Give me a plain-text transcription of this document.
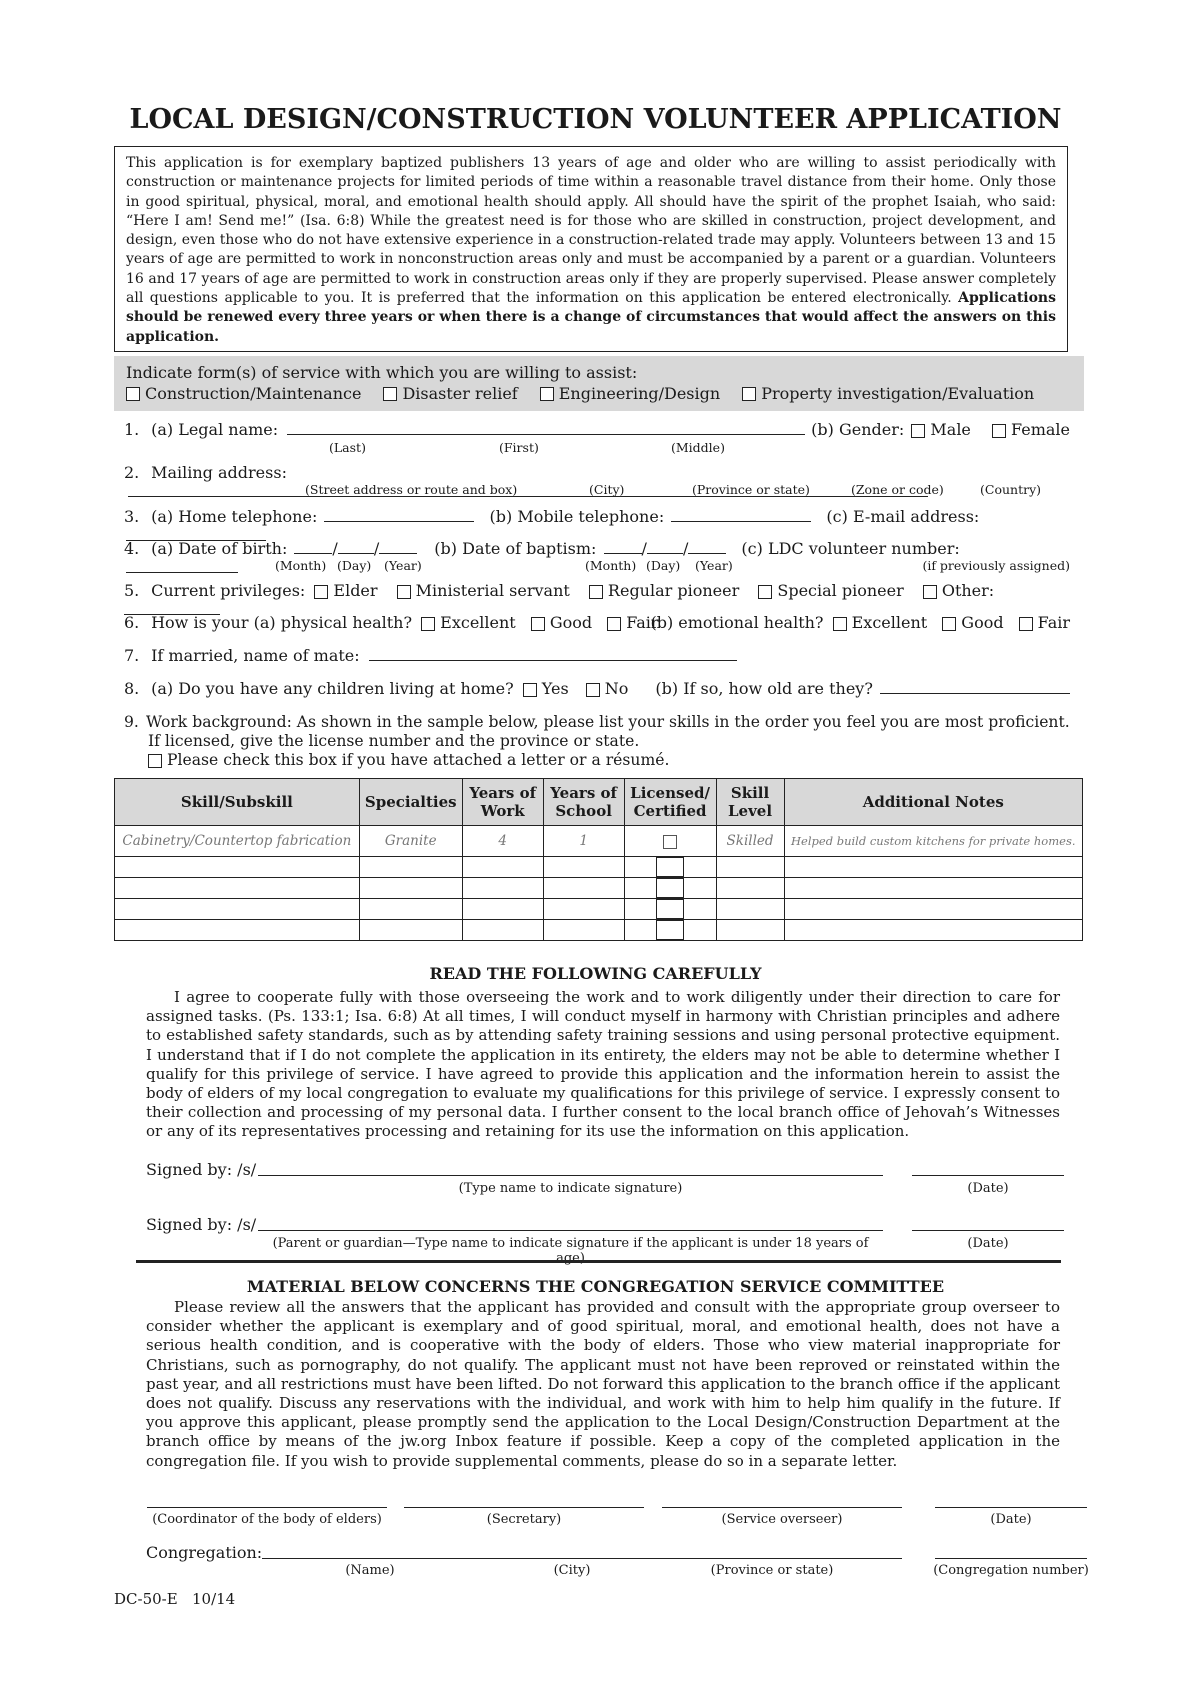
LOCAL DESIGN/CONSTRUCTION VOLUNTEER APPLICATION
This application is for exemplary baptized publishers 13 years of age and older who are willing to assist periodically with construction or maintenance projects for limited periods of time within a reasonable travel distance from their home. Only those in good spiritual, physical, moral, and emotional health should apply. All should have the spirit of the prophet Isaiah, who said: “Here I am! Send me!” (Isa. 6:8) While the greatest need is for those who are skilled in construction, project development, and design, even those who do not have extensive experience in a construction-related trade may apply. Volunteers between 13 and 15 years of age are permitted to work in nonconstruction areas only and must be accompanied by a parent or a guardian. Volunteers 16 and 17 years of age are permitted to work in construction areas only if they are properly supervised. Please answer completely all questions applicable to you. It is preferred that the information on this application be entered electronically. Applications should be renewed every three years or when there is a change of circumstances that would affect the answers on this application.
Indicate form(s) of service with which you are willing to assist:
Construction/Maintenance	Disaster relief	Engineering/Design	Property investigation/Evaluation
1. (a) Legal name:	(b) Gender: Male	Female
(Last)	(First)	(Middle)
2. Mailing address:
(Street address or route and box)	(City)	(Province or state)	(Zone or code)	(Country)
3. (a) Home telephone:	(b) Mobile telephone:	(c) E-mail address:
4. (a) Date of birth:	/ /	(b) Date of baptism:	/ /	(c) LDC volunteer number:
(Month) (Day) (Year)	(Month) (Day) (Year)	(if previously assigned)
5. Current privileges: Elder Ministerial servant Regular pioneer Special pioneer Other:
6. How is your (a) physical health? Excellent Good Fair
(b) emotional health? Excellent Good Fair
7. If married, name of mate:
8. (a) Do you have any children living at home? Yes No (b) If so, how old are they?
9. Work background: As shown in the sample below, please list your skills in the order you feel you are most proficient.
If licensed, give the license number and the province or state.
Please check this box if you have attached a letter or a résumé.
Skill/Subskill	Specialties	Years of Work	Years of School	Licensed/ Certified	Skill Level	Additional Notes
Cabinetry/Countertop fabrication	Granite	4	1		Skilled	Helped build custom kitchens for private homes.

READ THE FOLLOWING CAREFULLY
I agree to cooperate fully with those overseeing the work and to work diligently under their direction to care for assigned tasks. (Ps. 133:1; Isa. 6:8) At all times, I will conduct myself in harmony with Christian principles and adhere to established safety standards, such as by attending safety training sessions and using personal protective equipment. I understand that if I do not complete the application in its entirety, the elders may not be able to determine whether I qualify for this privilege of service. I have agreed to provide this application and the information herein to assist the body of elders of my local congregation to evaluate my qualifications for this privilege of service. I expressly consent to their collection and processing of my personal data. I further consent to the local branch office of Jehovah’s Witnesses or any of its representatives processing and retaining for its use the information on this application.
Signed by: /s/
(Type name to indicate signature)	(Date)
Signed by: /s/
(Parent or guardian—Type name to indicate signature if the applicant is under 18 years of age)
(Date)
MATERIAL BELOW CONCERNS THE CONGREGATION SERVICE COMMITTEE
Please review all the answers that the applicant has provided and consult with the appropriate group overseer to consider whether the applicant is exemplary and of good spiritual, moral, and emotional health, does not have a serious health condition, and is cooperative with the body of elders. Those who view material inappropriate for Christians, such as pornography, do not qualify. The applicant must not have been reproved or reinstated within the past year, and all restrictions must have been lifted. Do not forward this application to the branch office if the applicant does not qualify. Discuss any reservations with the individual, and work with him to help him qualify in the future. If you approve this applicant, please promptly send the application to the Local Design/Construction Department at the branch office by means of the jw.org Inbox feature if possible. Keep a copy of the completed application in the congregation file. If you wish to provide supplemental comments, please do so in a separate letter.
(Coordinator of the body of elders)	(Secretary)	(Service overseer)	(Date)
Congregation:
(Name)	(City)	(Province or state)	(Congregation number)
DC-50-E   10/14
